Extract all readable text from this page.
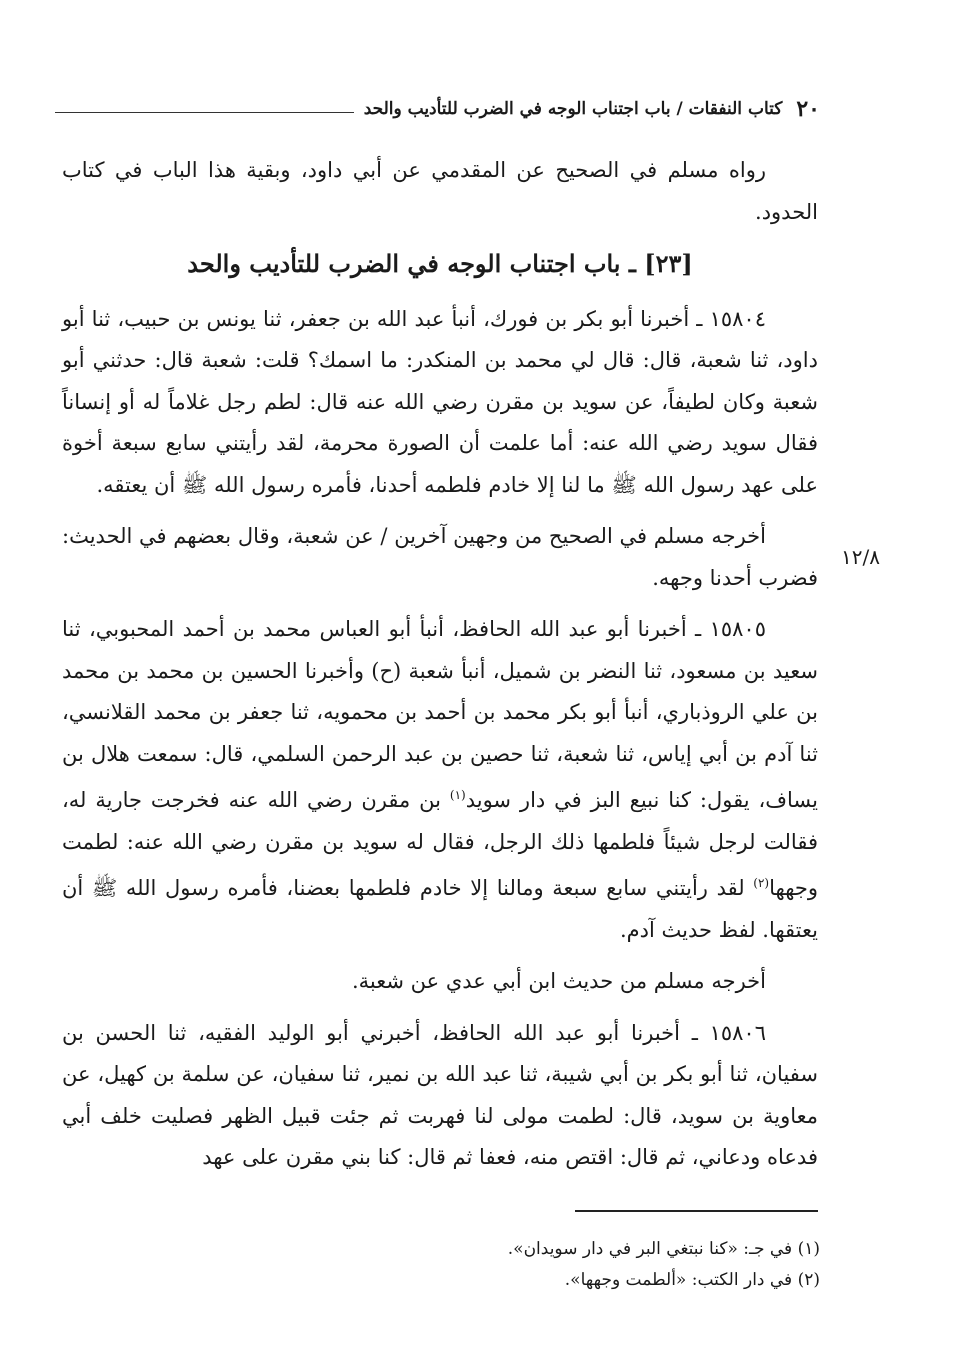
٢٠
كتاب النفقات / باب اجتناب الوجه في الضرب للتأديب والحد
١٢/٨

رواه مسلم في الصحيح عن المقدمي عن أبي داود، وبقية هذا الباب في كتاب الحدود.

[٢٣] ـ باب اجتناب الوجه في الضرب للتأديب والحد

١٥٨٠٤ ـ أخبرنا أبو بكر بن فورك، أنبأ عبد الله بن جعفر، ثنا يونس بن حبيب، ثنا أبو داود، ثنا شعبة، قال: قال لي محمد بن المنكدر: ما اسمك؟ قلت: شعبة قال: حدثني أبو شعبة وكان لطيفاً، عن سويد بن مقرن رضي الله عنه قال: لطم رجل غلاماً له أو إنساناً فقال سويد رضي الله عنه: أما علمت أن الصورة محرمة، لقد رأيتني سابع سبعة أخوة على عهد رسول الله ﷺ ما لنا إلا خادم فلطمه أحدنا، فأمره رسول الله ﷺ أن يعتقه.

أخرجه مسلم في الصحيح من وجهين آخرين / عن شعبة، وقال بعضهم في الحديث: فضرب أحدنا وجهه.

١٥٨٠٥ ـ أخبرنا أبو عبد الله الحافظ، أنبأ أبو العباس محمد بن أحمد المحبوبي، ثنا سعيد بن مسعود، ثنا النضر بن شميل، أنبأ شعبة (ح) وأخبرنا الحسين بن محمد بن محمد بن علي الروذباري، أنبأ أبو بكر محمد بن أحمد بن محمويه، ثنا جعفر بن محمد القلانسي، ثنا آدم بن أبي إياس، ثنا شعبة، ثنا حصين بن عبد الرحمن السلمي، قال: سمعت هلال بن يساف، يقول: كنا نبيع البز في دار سويد$^{(١)}$ بن مقرن رضي الله عنه فخرجت جارية له، فقالت لرجل شيئاً فلطمها ذلك الرجل، فقال له سويد بن مقرن رضي الله عنه: لطمت وجهها$^{(٢)}$ لقد رأيتني سابع سبعة ومالنا إلا خادم فلطمها بعضنا، فأمره رسول الله ﷺ أن يعتقها. لفظ حديث آدم.

أخرجه مسلم من حديث ابن أبي عدي عن شعبة.

١٥٨٠٦ ـ أخبرنا أبو عبد الله الحافظ، أخبرني أبو الوليد الفقيه، ثنا الحسن بن سفيان، ثنا أبو بكر بن أبي شيبة، ثنا عبد الله بن نمير، ثنا سفيان، عن سلمة بن كهيل، عن معاوية بن سويد، قال: لطمت مولى لنا فهربت ثم جئت قبيل الظهر فصليت خلف أبي فدعاه ودعاني، ثم قال: اقتص منه، فعفا ثم قال: كنا بني مقرن على عهد

(١) في جـ: «كنا نبتغي البر في دار سويدان».
(٢) في دار الكتب: «ألطمت وجهها».
